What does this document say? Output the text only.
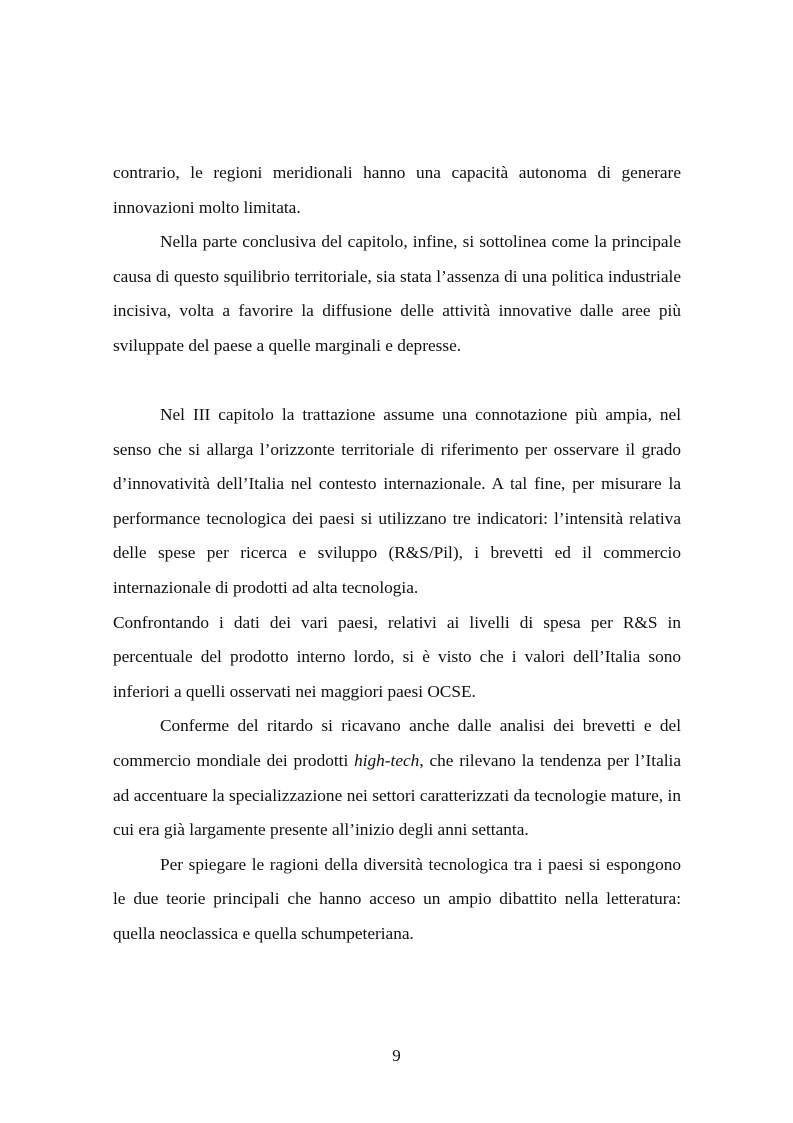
contrario, le regioni meridionali hanno una capacità autonoma di generare innovazioni molto limitata.

Nella parte conclusiva del capitolo, infine, si sottolinea come la principale causa di questo squilibrio territoriale, sia stata l’assenza di una politica industriale incisiva, volta a favorire la diffusione delle attività innovative dalle aree più sviluppate del paese a quelle marginali e depresse.

Nel III capitolo la trattazione assume una connotazione più ampia, nel senso che si allarga l’orizzonte territoriale di riferimento per osservare il grado d’innovatività dell’Italia nel contesto internazionale. A tal fine, per misurare la performance tecnologica dei paesi si utilizzano tre indicatori: l’intensità relativa delle spese per ricerca e sviluppo (R&S/Pil), i brevetti ed il commercio internazionale di prodotti ad alta tecnologia.

Confrontando i dati dei vari paesi, relativi ai livelli di spesa per R&S in percentuale del prodotto interno lordo, si è visto che i valori dell’Italia sono inferiori a quelli osservati nei maggiori paesi OCSE.

Conferme del ritardo si ricavano anche dalle analisi dei brevetti e del commercio mondiale dei prodotti high-tech, che rilevano la tendenza per l’Italia ad accentuare la specializzazione nei settori caratterizzati da tecnologie mature, in cui era già largamente presente all’inizio degli anni settanta.

Per spiegare le ragioni della diversità tecnologica tra i paesi si espongono le due teorie principali che hanno acceso un ampio dibattito nella letteratura: quella neoclassica e quella schumpeteriana.

9
